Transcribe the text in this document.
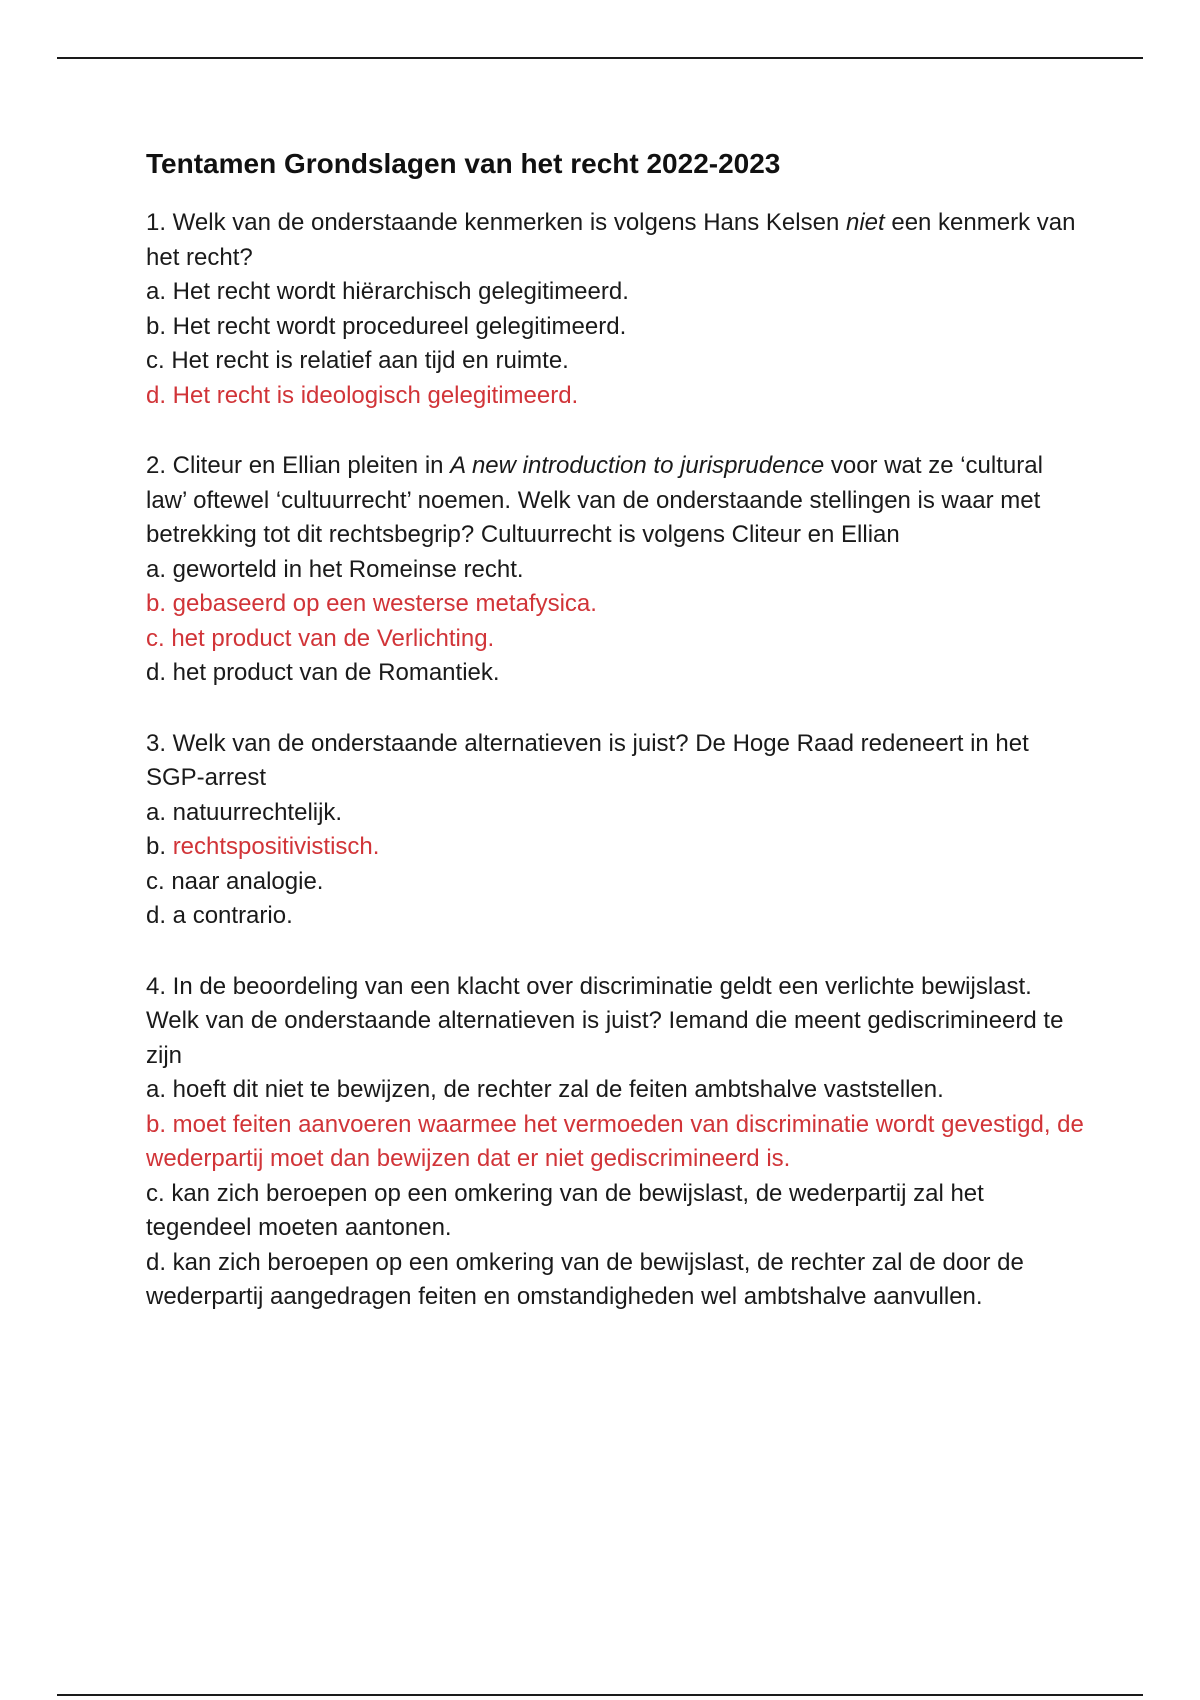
Tentamen Grondslagen van het recht 2022-2023

1. Welk van de onderstaande kenmerken is volgens Hans Kelsen niet een kenmerk van het recht?

a. Het recht wordt hiërarchisch gelegitimeerd.

b. Het recht wordt procedureel gelegitimeerd.

c. Het recht is relatief aan tijd en ruimte.

d. Het recht is ideologisch gelegitimeerd.

2. Cliteur en Ellian pleiten in A new introduction to jurisprudence voor wat ze ‘cultural law’ oftewel ‘cultuurrecht’ noemen. Welk van de onderstaande stellingen is waar met betrekking tot dit rechtsbegrip? Cultuurrecht is volgens Cliteur en Ellian

a. geworteld in het Romeinse recht.

b. gebaseerd op een westerse metafysica.

c. het product van de Verlichting.

d. het product van de Romantiek.

3. Welk van de onderstaande alternatieven is juist? De Hoge Raad redeneert in het SGP-arrest

a. natuurrechtelijk.

b. rechtspositivistisch.

c. naar analogie.

d. a contrario.

4. In de beoordeling van een klacht over discriminatie geldt een verlichte bewijslast. Welk van de onderstaande alternatieven is juist? Iemand die meent gediscrimineerd te zijn

a. hoeft dit niet te bewijzen, de rechter zal de feiten ambtshalve vaststellen.

b. moet feiten aanvoeren waarmee het vermoeden van discriminatie wordt gevestigd, de wederpartij moet dan bewijzen dat er niet gediscrimineerd is.

c. kan zich beroepen op een omkering van de bewijslast, de wederpartij zal het tegendeel moeten aantonen.

d. kan zich beroepen op een omkering van de bewijslast, de rechter zal de door de wederpartij aangedragen feiten en omstandigheden wel ambtshalve aanvullen.
